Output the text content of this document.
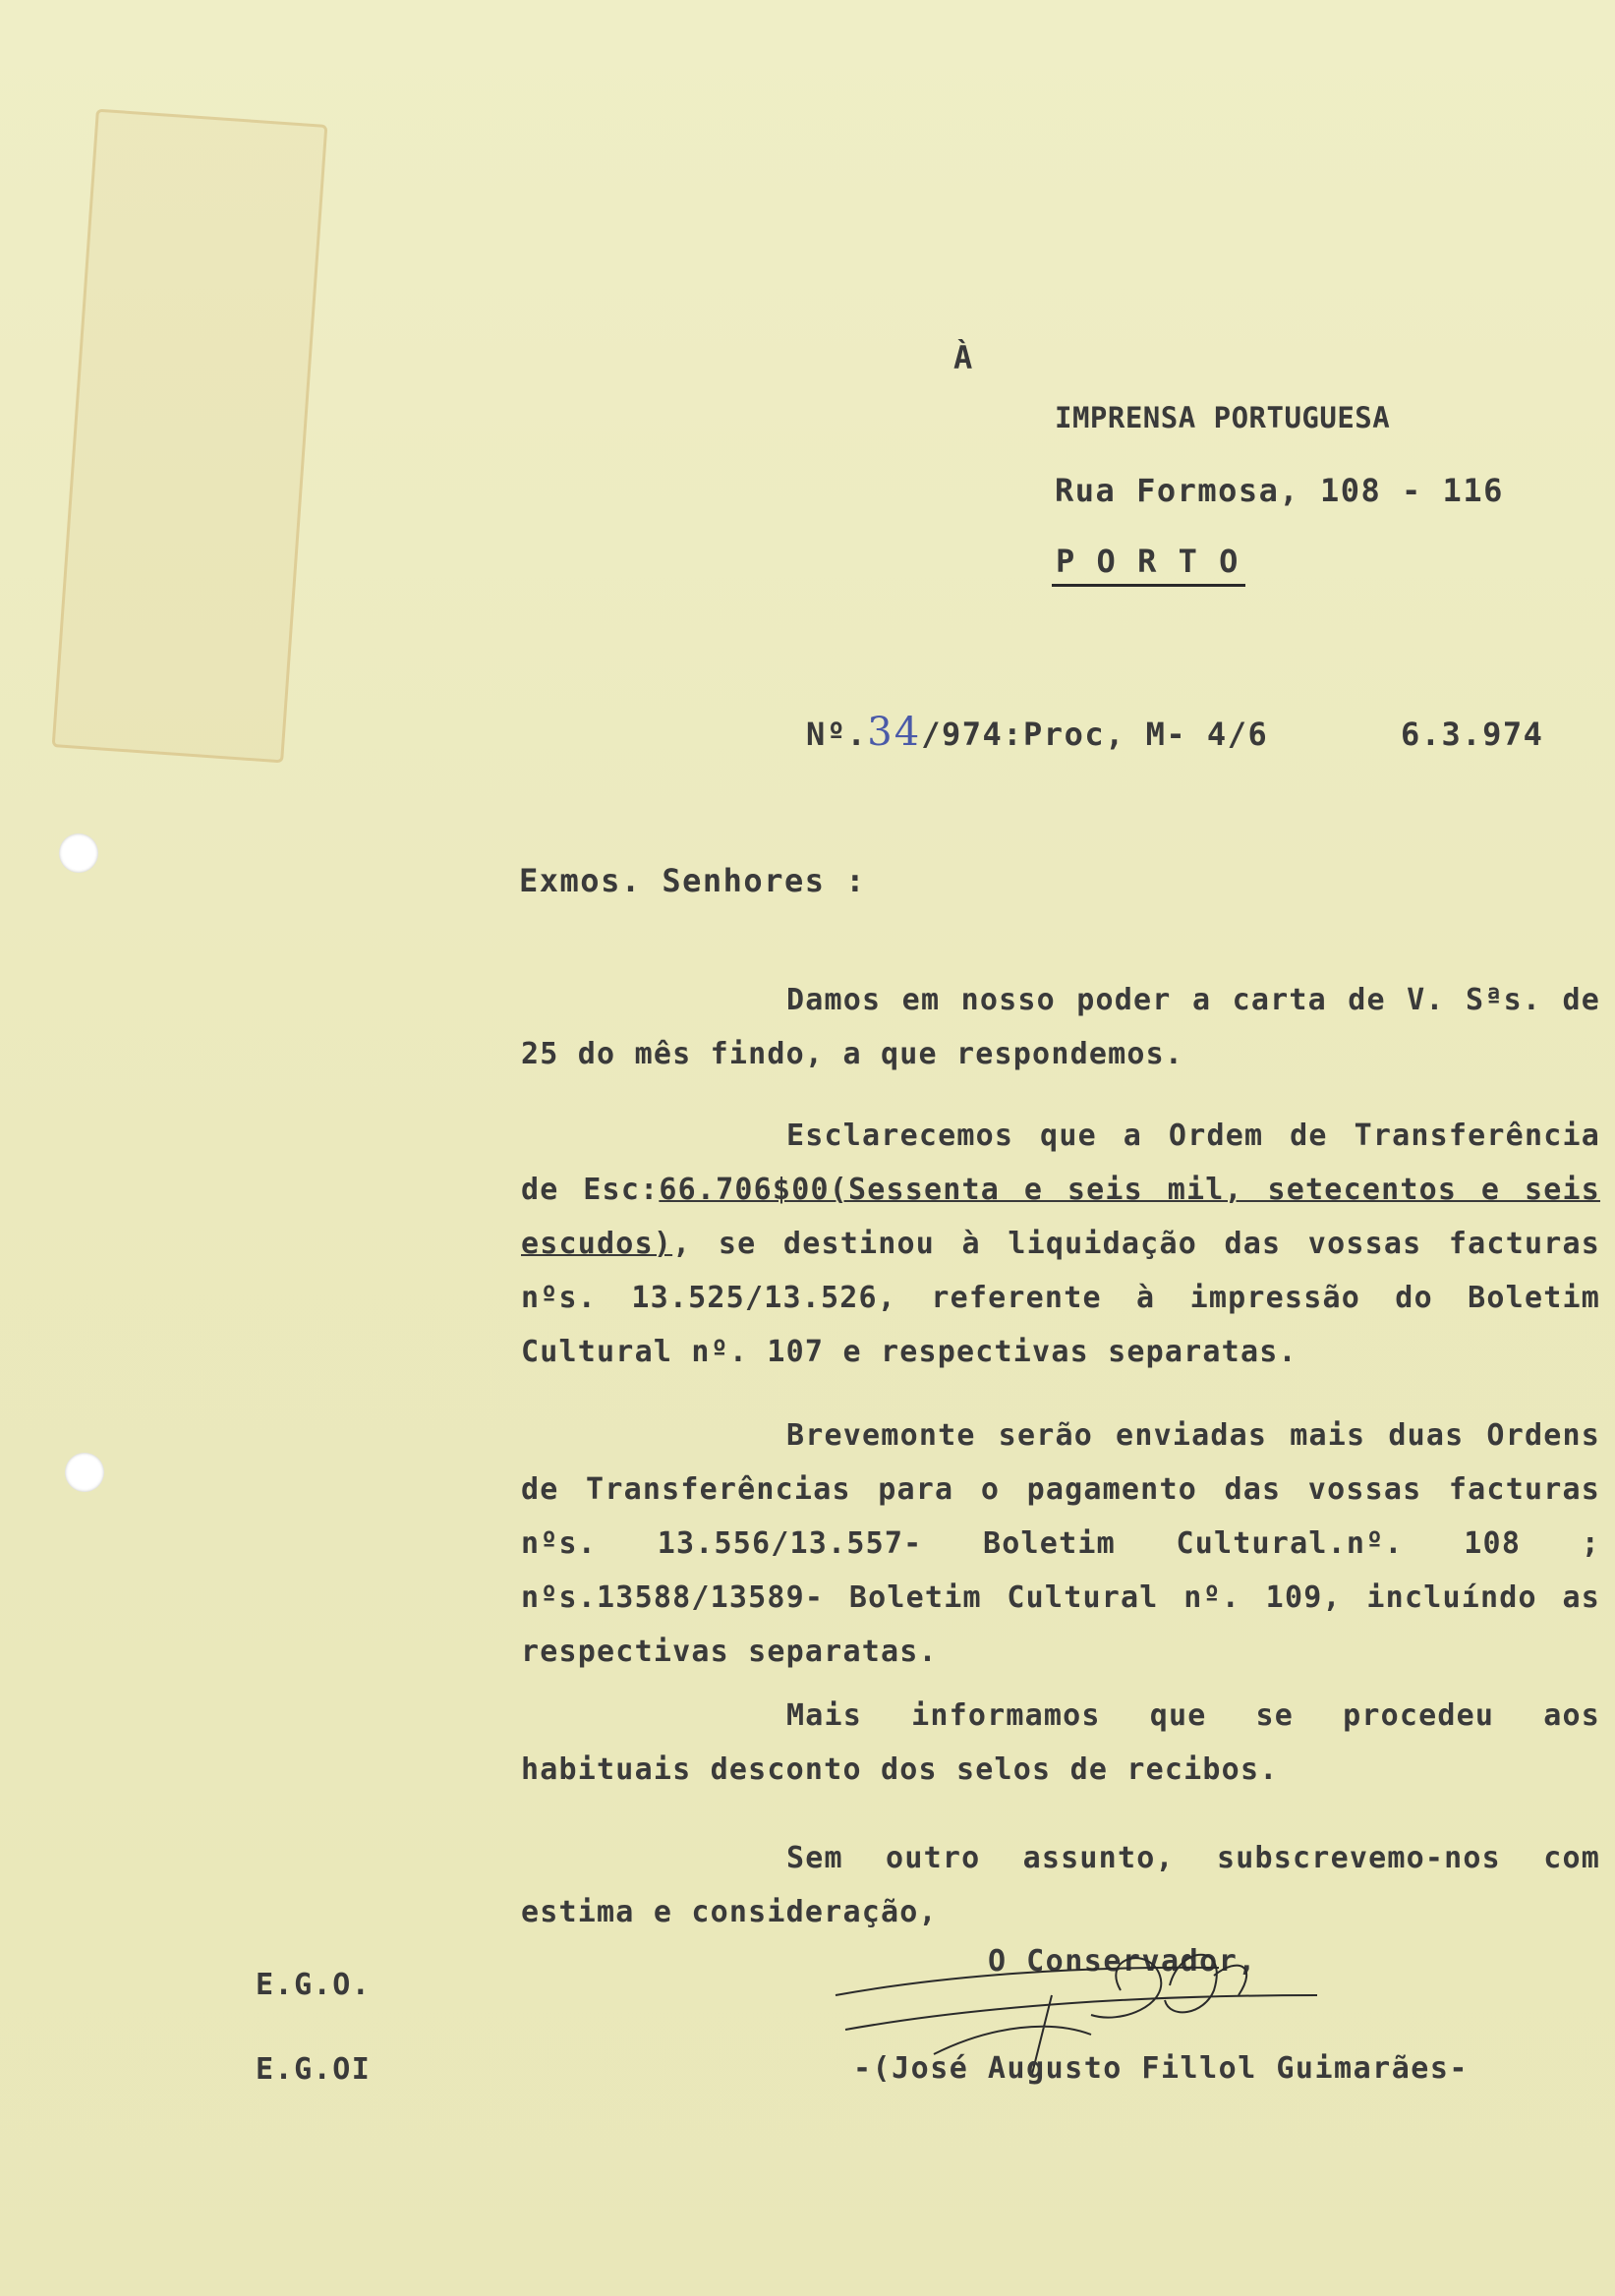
À
IMPRENSA PORTUGUESA
Rua Formosa, 108 - 116
P O R T O
Nº.34/974:Proc, M- 4/6	6.3.974
Exmos. Senhores :

Damos em nosso poder a carta de V. Sªs. de 25 do mês findo, a que respondemos.

Esclarecemos que a Ordem de Transferência de Esc:66.706$00(Sessenta e seis mil, setecentos e seis escudos), se destinou à liquidação das vossas facturas nºs. 13.525/13.526, referente à impressão do Boletim Cultural nº. 107 e respectivas separatas.

Brevemonte serão enviadas mais duas Ordens de Transferências para o pagamento das vossas facturas nºs. 13.556/13.557- Boletim Cultural.nº. 108 ; nºs.13588/13589- Boletim Cultural nº. 109, incluíndo as respectivas separatas.

Mais informamos que se procedeu aos habituais desconto dos selos de recibos.

Sem outro assunto, subscrevemo-nos com estima e consideração,

O Conservador,
-(José Augusto Fillol Guimarães-
E.G.O.
E.G.OI
